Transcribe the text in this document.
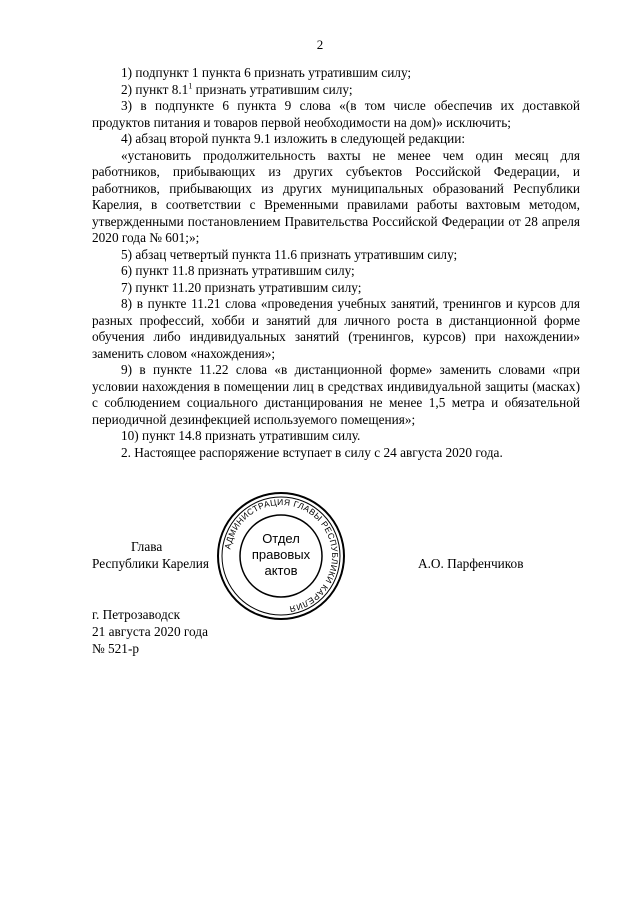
2

1) подпункт 1 пункта 6 признать утратившим силу;

2) пункт $8.1^1$ признать утратившим силу;

3) в подпункте 6 пункта 9 слова «(в том числе обеспечив их доставкой продуктов питания и товаров первой необходимости на дом)» исключить;

4) абзац второй пункта 9.1 изложить в следующей редакции:

«установить продолжительность вахты не менее чем один месяц для работников, прибывающих из других субъектов Российской Федерации, и работников, прибывающих из других муниципальных образований Республики Карелия, в соответствии с Временными правилами работы вахтовым методом, утвержденными постановлением Правительства Российской Федерации от 28 апреля 2020 года № 601;»;

5) абзац четвертый пункта 11.6 признать утратившим силу;

6) пункт 11.8 признать утратившим силу;

7) пункт 11.20 признать утратившим силу;

8) в пункте 11.21 слова «проведения учебных занятий, тренингов и курсов для разных профессий, хобби и занятий для личного роста в дистанционной форме обучения либо индивидуальных занятий (тренингов, курсов) при нахождении» заменить словом «нахождения»;

9) в пункте 11.22 слова «в дистанционной форме» заменить словами «при условии нахождения в помещении лиц в средствах индивидуальной защиты (масках) с соблюдением социального дистанцирования не менее 1,5 метра и обязательной периодичной дезинфекцией используемого помещения»;

10) пункт 14.8 признать утратившим силу.

2. Настоящее распоряжение вступает в силу с 24 августа 2020 года.

Глава
Республики Карелия	А.О. Парфенчиков
АДМИНИСТРАЦИЯ ГЛАВЫ РЕСПУБЛИКИ КАРЕЛИЯ
Отдел
правовых
актов
г. Петрозаводск
21 августа 2020 года
№ 521-р
